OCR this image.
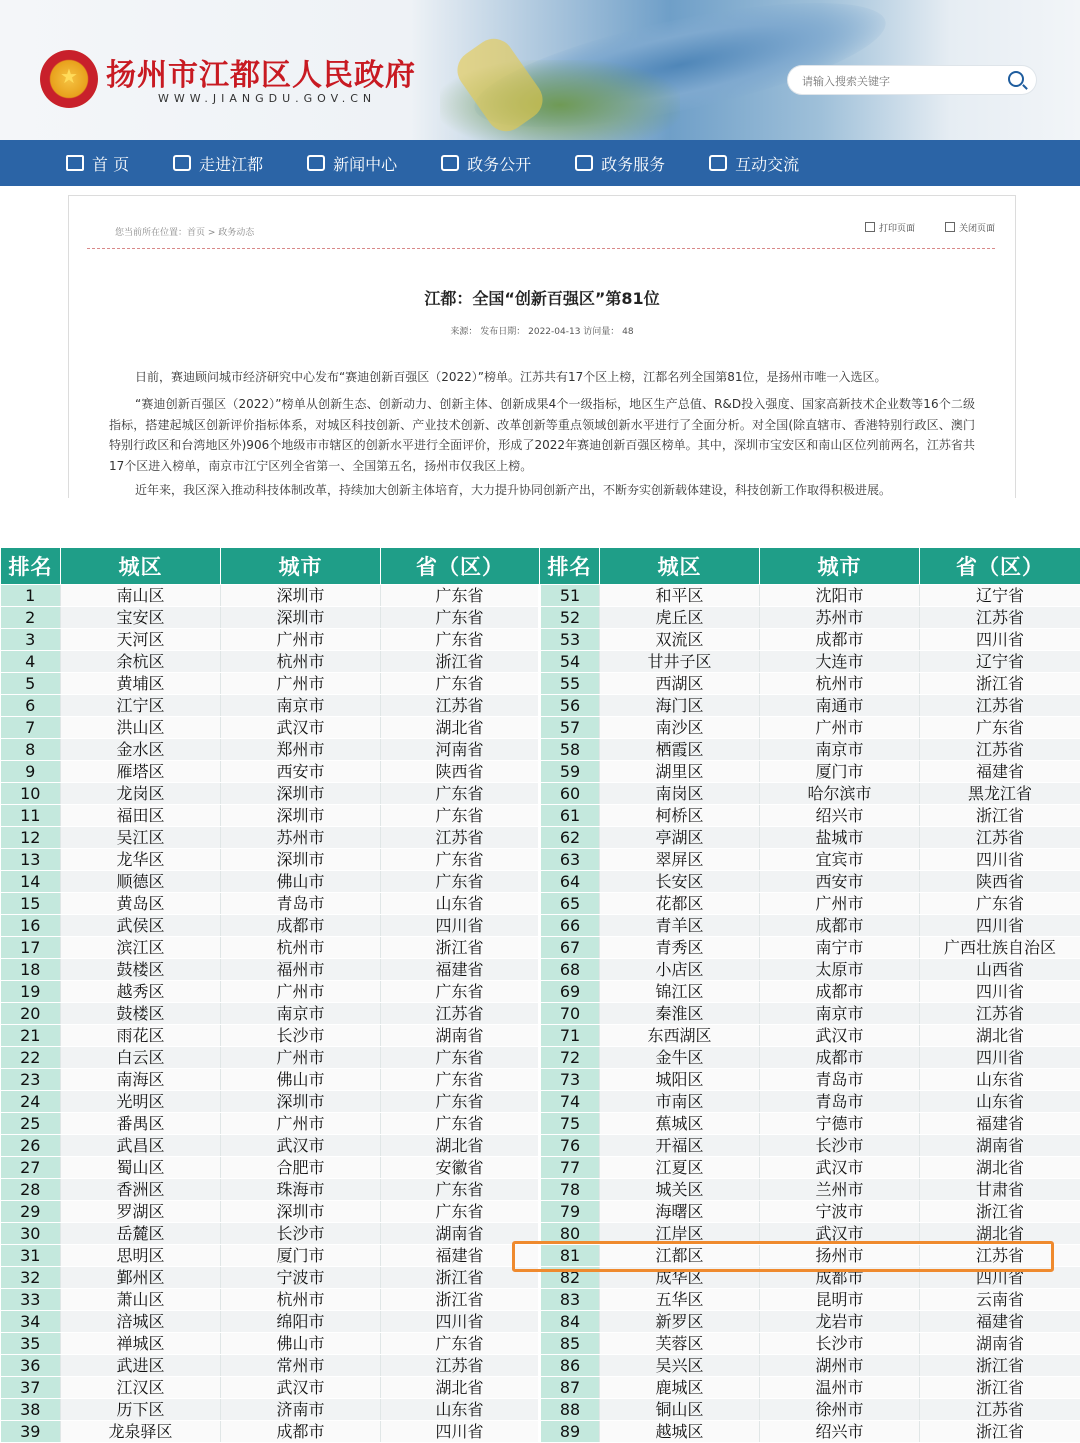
★ 扬州市江都区人民政府
WWW.JIANGDU.GOV.CN
请输入搜索关键字
首 页	走进江都	新闻中心	政务公开	政务服务	互动交流
您当前所在位置：首页 > 政务动态	打印页面	关闭页面
江都：全国“创新百强区”第81位
来源： 发布日期： 2022-04-13 访问量： 48
日前，赛迪顾问城市经济研究中心发布“赛迪创新百强区（2022）”榜单。江苏共有17个区上榜，江都名列全国第81位，是扬州市唯一入选区。
“赛迪创新百强区（2022）”榜单从创新生态、创新动力、创新主体、创新成果4个一级指标，地区生产总值、R&D投入强度、国家高新技术企业数等16个二级指标，搭建起城区创新评价指标体系，对城区科技创新、产业技术创新、改革创新等重点领域创新水平进行了全面分析。对全国(除直辖市、香港特别行政区、澳门特别行政区和台湾地区外)906个地级市市辖区的创新水平进行全面评价，形成了2022年赛迪创新百强区榜单。其中，深圳市宝安区和南山区位列前两名，江苏省共17个区进入榜单，南京市江宁区列全省第一、全国第五名，扬州市仅我区上榜。
近年来，我区深入推动科技体制改革，持续加大创新主体培育，大力提升协同创新产出，不断夯实创新载体建设，科技创新工作取得积极进展。
排名	城区	城市	省（区）	排名	城区	城市	省（区）
1	南山区	深圳市	广东省	51	和平区	沈阳市	辽宁省
2	宝安区	深圳市	广东省	52	虎丘区	苏州市	江苏省
3	天河区	广州市	广东省	53	双流区	成都市	四川省
4	余杭区	杭州市	浙江省	54	甘井子区	大连市	辽宁省
5	黄埔区	广州市	广东省	55	西湖区	杭州市	浙江省
6	江宁区	南京市	江苏省	56	海门区	南通市	江苏省
7	洪山区	武汉市	湖北省	57	南沙区	广州市	广东省
8	金水区	郑州市	河南省	58	栖霞区	南京市	江苏省
9	雁塔区	西安市	陕西省	59	湖里区	厦门市	福建省
10	龙岗区	深圳市	广东省	60	南岗区	哈尔滨市	黑龙江省
11	福田区	深圳市	广东省	61	柯桥区	绍兴市	浙江省
12	吴江区	苏州市	江苏省	62	亭湖区	盐城市	江苏省
13	龙华区	深圳市	广东省	63	翠屏区	宜宾市	四川省
14	顺德区	佛山市	广东省	64	长安区	西安市	陕西省
15	黄岛区	青岛市	山东省	65	花都区	广州市	广东省
16	武侯区	成都市	四川省	66	青羊区	成都市	四川省
17	滨江区	杭州市	浙江省	67	青秀区	南宁市	广西壮族自治区
18	鼓楼区	福州市	福建省	68	小店区	太原市	山西省
19	越秀区	广州市	广东省	69	锦江区	成都市	四川省
20	鼓楼区	南京市	江苏省	70	秦淮区	南京市	江苏省
21	雨花区	长沙市	湖南省	71	东西湖区	武汉市	湖北省
22	白云区	广州市	广东省	72	金牛区	成都市	四川省
23	南海区	佛山市	广东省	73	城阳区	青岛市	山东省
24	光明区	深圳市	广东省	74	市南区	青岛市	山东省
25	番禺区	广州市	广东省	75	蕉城区	宁德市	福建省
26	武昌区	武汉市	湖北省	76	开福区	长沙市	湖南省
27	蜀山区	合肥市	安徽省	77	江夏区	武汉市	湖北省
28	香洲区	珠海市	广东省	78	城关区	兰州市	甘肃省
29	罗湖区	深圳市	广东省	79	海曙区	宁波市	浙江省
30	岳麓区	长沙市	湖南省	80	江岸区	武汉市	湖北省
31	思明区	厦门市	福建省	81	江都区	扬州市	江苏省
32	鄞州区	宁波市	浙江省	82	成华区	成都市	四川省
33	萧山区	杭州市	浙江省	83	五华区	昆明市	云南省
34	涪城区	绵阳市	四川省	84	新罗区	龙岩市	福建省
35	禅城区	佛山市	广东省	85	芙蓉区	长沙市	湖南省
36	武进区	常州市	江苏省	86	吴兴区	湖州市	浙江省
37	江汉区	武汉市	湖北省	87	鹿城区	温州市	浙江省
38	历下区	济南市	山东省	88	铜山区	徐州市	江苏省
39	龙泉驿区	成都市	四川省	89	越城区	绍兴市	浙江省
